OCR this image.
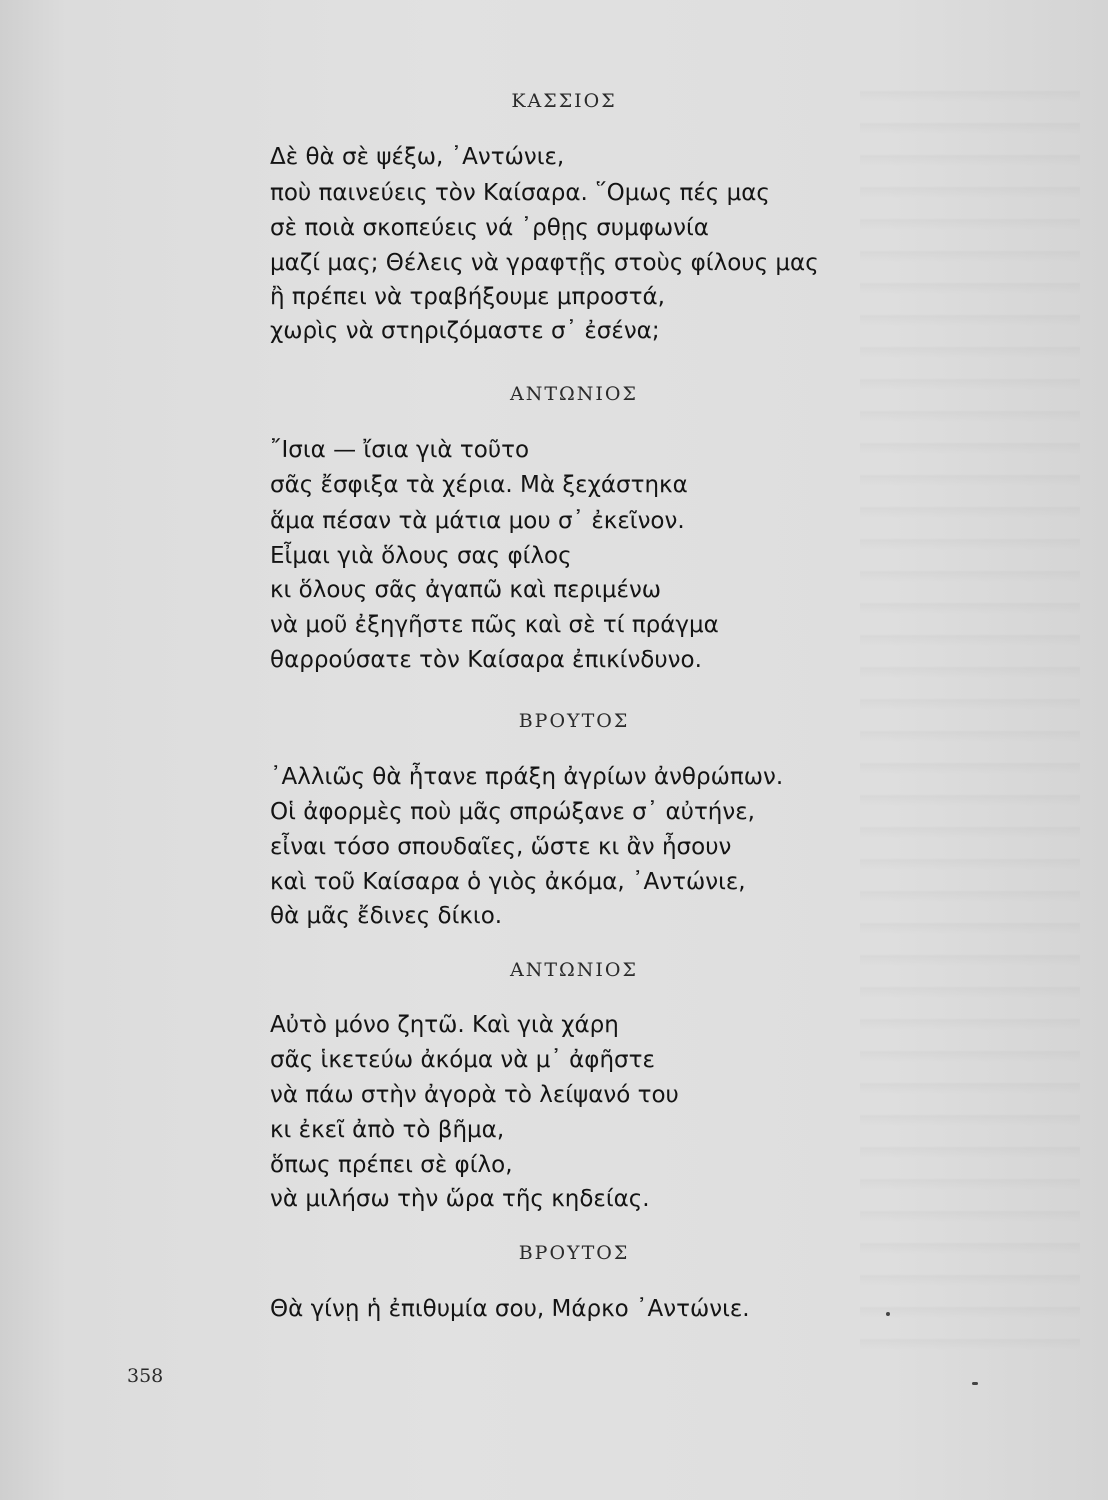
ΚΑΣΣΙΟΣ
Δὲ θὰ σὲ ψέξω, ᾿Αντώνιε,
ποὺ παινεύεις τὸν Καίσαρα. ῞Ομως πές μας
σὲ ποιὰ σκοπεύεις νά ᾿ρθῃς συμφωνία
μαζί μας; Θέλεις νὰ γραφτῇς στοὺς φίλους μας
ἢ πρέπει νὰ τραβήξουμε μπροστά,
χωρὶς νὰ στηριζόμαστε σ᾿ ἐσένα;
ΑΝΤΩΝΙΟΣ
῎Ισια — ἴσια γιὰ τοῦτο
σᾶς ἔσφιξα τὰ χέρια. Μὰ ξεχάστηκα
ἅμα πέσαν τὰ μάτια μου σ᾿ ἐκεῖνον.
Εἶμαι γιὰ ὅλους σας φίλος
κι ὅλους σᾶς ἀγαπῶ καὶ περιμένω
νὰ μοῦ ἐξηγῆστε πῶς καὶ σὲ τί πράγμα
θαρρούσατε τὸν Καίσαρα ἐπικίνδυνο.
ΒΡΟΥΤΟΣ
᾿Αλλιῶς θὰ ἦτανε πράξη ἀγρίων ἀνθρώπων.
Οἱ ἀφορμὲς ποὺ μᾶς σπρώξανε σ᾿ αὐτήνε,
εἶναι τόσο σπουδαῖες, ὥστε κι ἂν ἦσουν
καὶ τοῦ Καίσαρα ὁ γιὸς ἀκόμα, ᾿Αντώνιε,
θὰ μᾶς ἔδινες δίκιο.
ΑΝΤΩΝΙΟΣ
Αὐτὸ μόνο ζητῶ. Καὶ γιὰ χάρη
σᾶς ἱκετεύω ἀκόμα νὰ μ᾿ ἀφῆστε
νὰ πάω στὴν ἀγορὰ τὸ λείψανό του
κι ἐκεῖ ἀπὸ τὸ βῆμα,
ὅπως πρέπει σὲ φίλο,
νὰ μιλήσω τὴν ὥρα τῆς κηδείας.
ΒΡΟΥΤΟΣ
Θὰ γίνῃ ἡ ἐπιθυμία σου, Μάρκο ᾿Αντώνιε.
358
